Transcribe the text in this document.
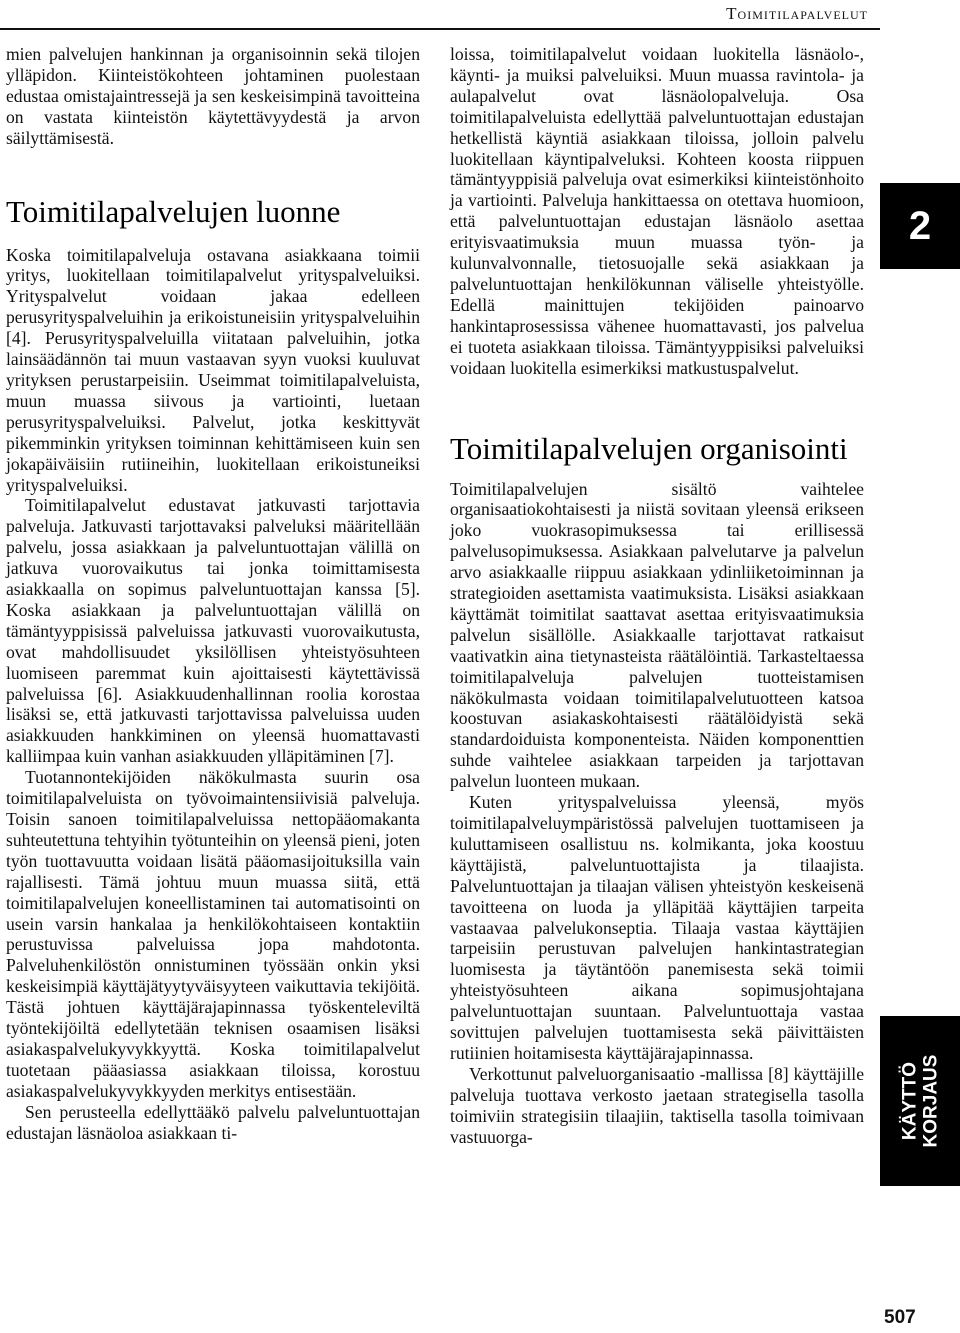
Toimitilapalvelut

mien palvelujen hankinnan ja organisoinnin sekä tilojen ylläpidon. Kiinteistökohteen johtaminen puolestaan edustaa omistajaintressejä ja sen keskeisimpinä tavoitteina on vastata kiinteistön käytettävyydestä ja arvon säilyttämisestä.

Toimitilapalvelujen luonne

Koska toimitilapalveluja ostavana asiakkaana toimii yritys, luokitellaan toimitilapalvelut yrityspalveluiksi. Yrityspalvelut voidaan jakaa edelleen perusyrityspalveluihin ja erikoistuneisiin yrityspalveluihin [4]. Perusyrityspalveluilla viitataan palveluihin, jotka lainsäädännön tai muun vastaavan syyn vuoksi kuuluvat yrityksen perustarpeisiin. Useimmat toimitilapalveluista, muun muassa siivous ja vartiointi, luetaan perusyrityspalveluiksi. Palvelut, jotka keskittyvät pikemminkin yrityksen toiminnan kehittämiseen kuin sen jokapäiväisiin rutiineihin, luokitellaan erikoistuneiksi yrityspalveluiksi.

Toimitilapalvelut edustavat jatkuvasti tarjottavia palveluja. Jatkuvasti tarjottavaksi palveluksi määritellään palvelu, jossa asiakkaan ja palveluntuottajan välillä on jatkuva vuorovaikutus tai jonka toimittamisesta asiakkaalla on sopimus palveluntuottajan kanssa [5]. Koska asiakkaan ja palveluntuottajan välillä on tämäntyyppisissä palveluissa jatkuvasti vuorovaikutusta, ovat mahdollisuudet yksilöllisen yhteistyösuhteen luomiseen paremmat kuin ajoittaisesti käytettävissä palveluissa [6]. Asiakkuudenhallinnan roolia korostaa lisäksi se, että jatkuvasti tarjottavissa palveluissa uuden asiakkuuden hankkiminen on yleensä huomattavasti kalliimpaa kuin vanhan asiakkuuden ylläpitäminen [7].

Tuotannontekijöiden näkökulmasta suurin osa toimitilapalveluista on työvoimaintensiivisiä palveluja. Toisin sanoen toimitilapalveluissa nettopääomakanta suhteutettuna tehtyihin työtunteihin on yleensä pieni, joten työn tuottavuutta voidaan lisätä pääomasijoituksilla vain rajallisesti. Tämä johtuu muun muassa siitä, että toimitilapalvelujen koneellistaminen tai automatisointi on usein varsin hankalaa ja henkilökohtaiseen kontaktiin perustuvissa palveluissa jopa mahdotonta. Palveluhenkilöstön onnistuminen työssään onkin yksi keskeisimpiä käyttäjätyytyväisyyteen vaikuttavia tekijöitä. Tästä johtuen käyttäjärajapinnassa työskenteleviltä työntekijöiltä edellytetään teknisen osaamisen lisäksi asiakaspalvelukyvykkyyttä. Koska toimitilapalvelut tuotetaan pääasiassa asiakkaan tiloissa, korostuu asiakaspalvelukyvykkyyden merkitys entisestään.

Sen perusteella edellyttääkö palvelu palveluntuottajan edustajan läsnäoloa asiakkaan ti-

loissa, toimitilapalvelut voidaan luokitella läsnäolo-, käynti- ja muiksi palveluiksi. Muun muassa ravintola- ja aulapalvelut ovat läsnäolopalveluja. Osa toimitilapalveluista edellyttää palveluntuottajan edustajan hetkellistä käyntiä asiakkaan tiloissa, jolloin palvelu luokitellaan käyntipalveluksi. Kohteen koosta riippuen tämäntyyppisiä palveluja ovat esimerkiksi kiinteistönhoito ja vartiointi. Palveluja hankittaessa on otettava huomioon, että palveluntuottajan edustajan läsnäolo asettaa erityisvaatimuksia muun muassa työn- ja kulunvalvonnalle, tietosuojalle sekä asiakkaan ja palveluntuottajan henkilökunnan väliselle yhteistyölle. Edellä mainittujen tekijöiden painoarvo hankintaprosessissa vähenee huomattavasti, jos palvelua ei tuoteta asiakkaan tiloissa. Tämäntyyppisiksi palveluiksi voidaan luokitella esimerkiksi matkustuspalvelut.

Toimitilapalvelujen organisointi

Toimitilapalvelujen sisältö vaihtelee organisaatiokohtaisesti ja niistä sovitaan yleensä erikseen joko vuokrasopimuksessa tai erillisessä palvelusopimuksessa. Asiakkaan palvelutarve ja palvelun arvo asiakkaalle riippuu asiakkaan ydinliiketoiminnan ja strategioiden asettamista vaatimuksista. Lisäksi asiakkaan käyttämät toimitilat saattavat asettaa erityisvaatimuksia palvelun sisällölle. Asiakkaalle tarjottavat ratkaisut vaativatkin aina tietynasteista räätälöintiä. Tarkasteltaessa toimitilapalveluja palvelujen tuotteistamisen näkökulmasta voidaan toimitilapalvelutuotteen katsoa koostuvan asiakaskohtaisesti räätälöidyistä sekä standardoiduista komponenteista. Näiden komponenttien suhde vaihtelee asiakkaan tarpeiden ja tarjottavan palvelun luonteen mukaan.

Kuten yrityspalveluissa yleensä, myös toimitilapalveluympäristössä palvelujen tuottamiseen ja kuluttamiseen osallistuu ns. kolmikanta, joka koostuu käyttäjistä, palveluntuottajista ja tilaajista. Palveluntuottajan ja tilaajan välisen yhteistyön keskeisenä tavoitteena on luoda ja ylläpitää käyttäjien tarpeita vastaavaa palvelukonseptia. Tilaaja vastaa käyttäjien tarpeisiin perustuvan palvelujen hankintastrategian luomisesta ja täytäntöön panemisesta sekä toimii yhteistyösuhteen aikana sopimusjohtajana palveluntuottajan suuntaan. Palveluntuottaja vastaa sovittujen palvelujen tuottamisesta sekä päivittäisten rutiinien hoitamisesta käyttäjärajapinnassa.

Verkottunut palveluorganisaatio -mallissa [8] käyttäjille palveluja tuottava verkosto jaetaan strategisella tasolla toimiviin strategisiin tilaajiin, taktisella tasolla toimivaan vastuuorga-

2
KÄYTTÖ
KORJAUS
507
